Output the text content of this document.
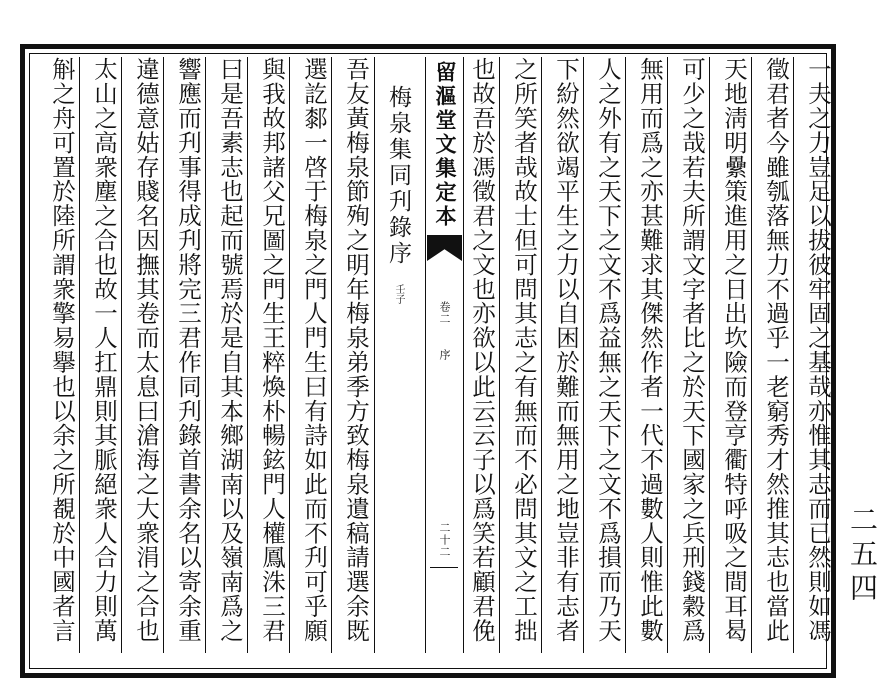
一夫之力豈足以拔彼牢固之基哉亦惟其志而已然則如馮
徵君者今雖瓠落無力不過乎一老窮秀才然推其志也當此
天地淸明纍策進用之日出坎險而登亨衢特呼吸之間耳曷
可少之哉若夫所謂文字者比之於天下國家之兵刑錢穀爲
無用而爲之亦甚難求其傑然作者一代不過數人則惟此數
人之外有之天下之文不爲益無之天下之文不爲損而乃天
下紛然欲竭平生之力以自困於難而無用之地豈非有志者
之所笑者哉故士但可問其志之有無而不必問其文之工拙
也故吾於馮徵君之文也亦欲以此云云子以爲笑若顧君俛
留漚堂文集定本
卷二
序
二十二
梅泉集同刋錄序
壬子
吾友黃梅泉節殉之明年梅泉弟季方致梅泉遺稿請選余既
選訖䣛一啓于梅泉之門人門生曰有詩如此而不刋可乎願
與我故邦諸父兄圖之門生王粹煥朴暢鉉門人權鳳洙三君
曰是吾素志也起而號焉於是自其本鄉湖南以及嶺南爲之
響應而刋事得成刋將完三君作同刋錄首書余名以寄余重
違德意姑存賤名因撫其卷而太息曰滄海之大衆涓之合也
太山之高衆塵之合也故一人扛鼎則其脈絕衆人合力則萬
斛之舟可置於陸所謂衆擎易擧也以余之所覩於中國者言	二五四
